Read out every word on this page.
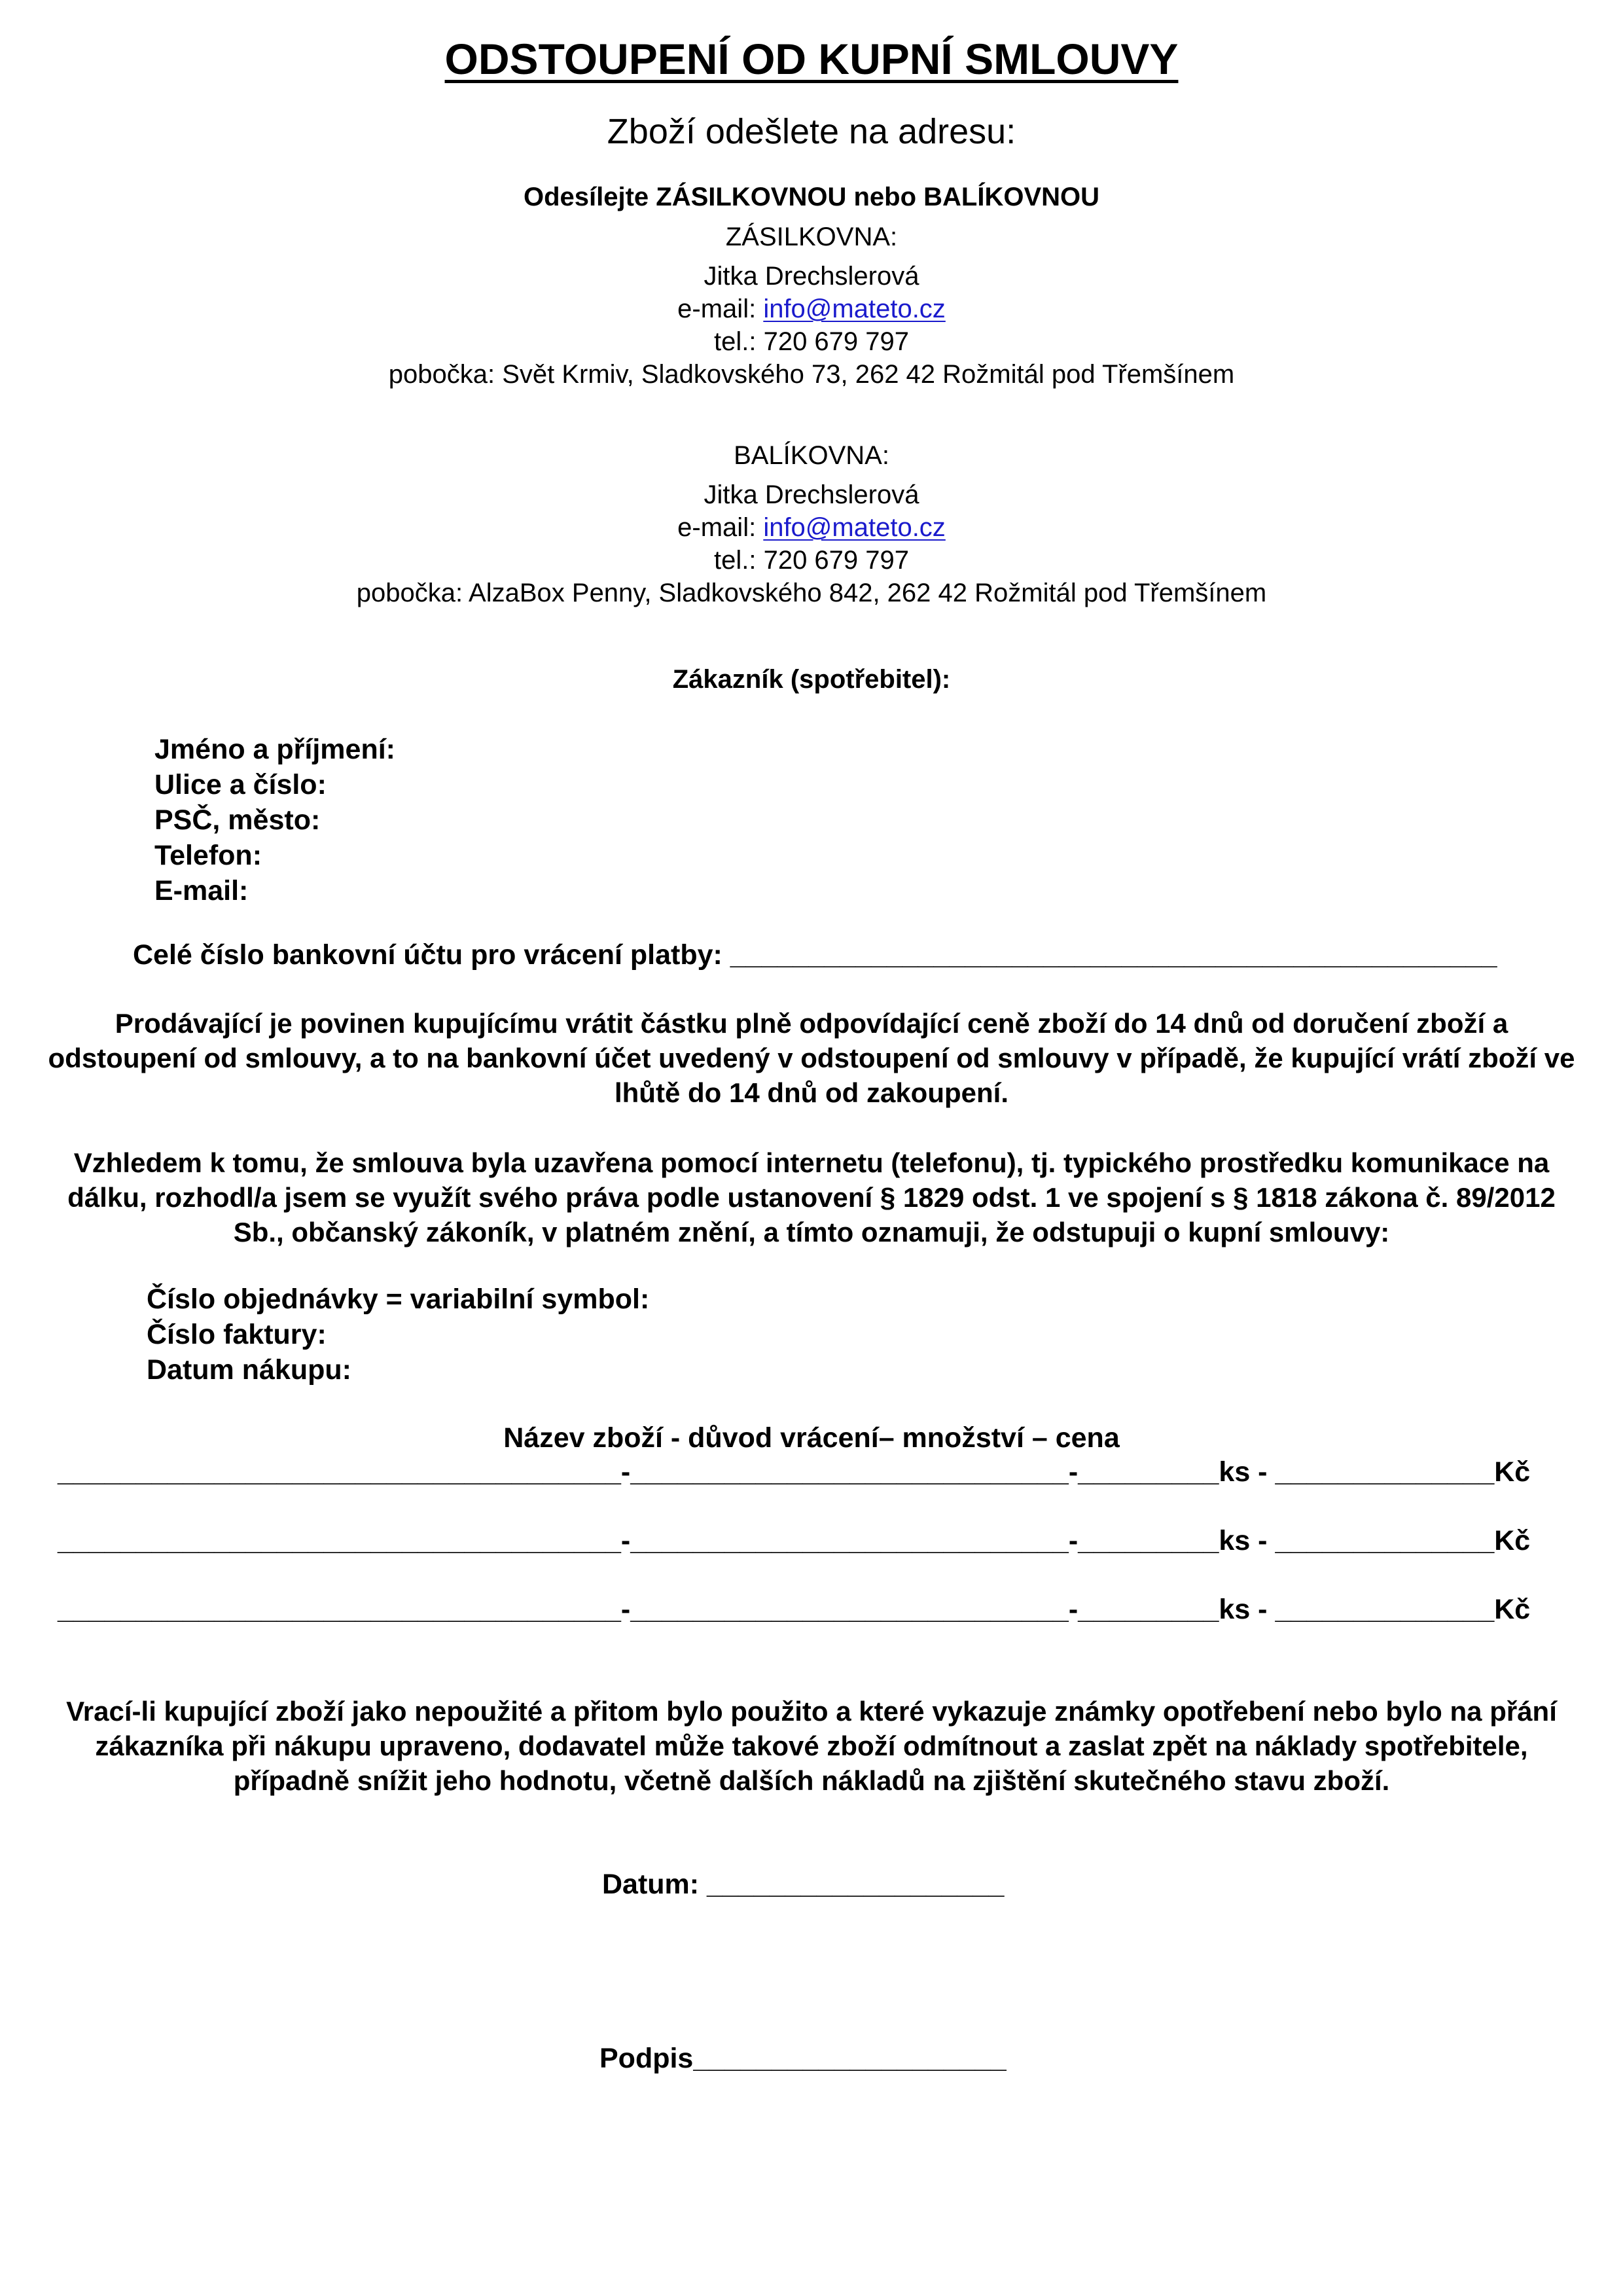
ODSTOUPENÍ OD KUPNÍ SMLOUVY
Zboží odešlete na adresu:
Odesílejte ZÁSILKOVNOU nebo BALÍKOVNOU
ZÁSILKOVNA:
Jitka Drechslerová
e-mail: info@mateto.cz
tel.: 720 679 797
pobočka: Svět Krmiv, Sladkovského 73, 262 42 Rožmitál pod Třemšínem
BALÍKOVNA:
Jitka Drechslerová
e-mail: info@mateto.cz
tel.: 720 679 797
pobočka: AlzaBox Penny, Sladkovského 842, 262 42 Rožmitál pod Třemšínem
Zákazník (spotřebitel):
Jméno a příjmení:
Ulice a číslo:
PSČ, město:
Telefon:
E-mail:
Celé číslo bankovní účtu pro vrácení platby: _________________________________________________
Prodávající je povinen kupujícímu vrátit částku plně odpovídající ceně zboží do 14 dnů od doručení zboží a
odstoupení od smlouvy, a to na bankovní účet uvedený v odstoupení od smlouvy v případě, že kupující vrátí zboží ve
lhůtě do 14 dnů od zakoupení.
Vzhledem k tomu, že smlouva byla uzavřena pomocí internetu (telefonu), tj. typického prostředku komunikace na
dálku, rozhodl/a jsem se využít svého práva podle ustanovení § 1829 odst. 1 ve spojení s § 1818 zákona č. 89/2012
Sb., občanský zákoník, v platném znění, a tímto oznamuji, že odstupuji o kupní smlouvy:
Číslo objednávky = variabilní symbol:
Číslo faktury:
Datum nákupu:
Název zboží - důvod vrácení– množství – cena
____________________________________-____________________________-_________ks - ______________Kč
____________________________________-____________________________-_________ks - ______________Kč
____________________________________-____________________________-_________ks - ______________Kč
Vrací-li kupující zboží jako nepoužité a přitom bylo použito a které vykazuje známky opotřebení nebo bylo na přání
zákazníka při nákupu upraveno, dodavatel může takové zboží odmítnout a zaslat zpět na náklady spotřebitele,
případně snížit jeho hodnotu, včetně dalších nákladů na zjištění skutečného stavu zboží.
Datum: ___________________
Podpis____________________
